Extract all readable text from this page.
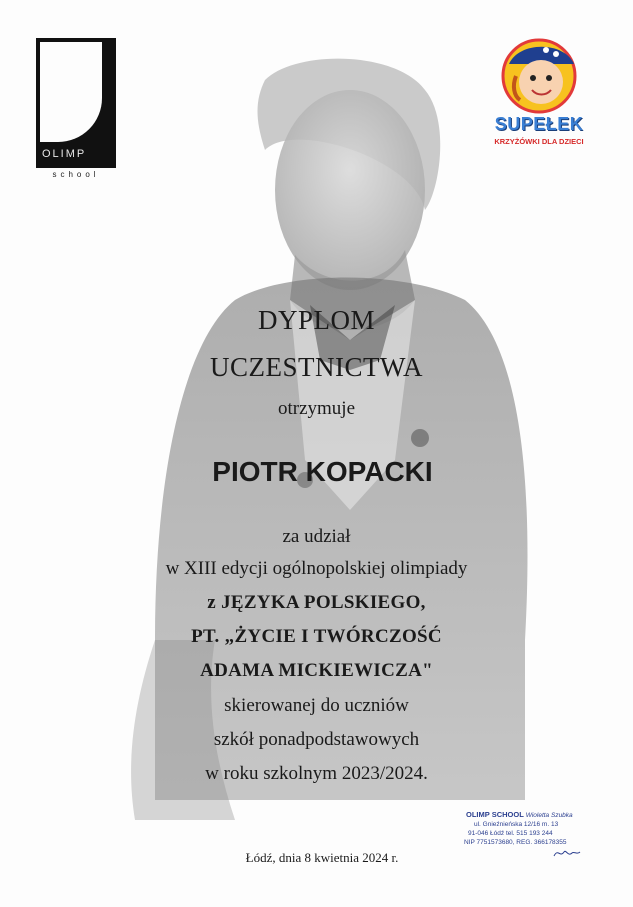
OLIMP
school
SUPEŁEK
KRZYŻÓWKI DLA DZIECI
DYPLOM
UCZESTNICTWA
otrzymuje
PIOTR KOPACKI
za udział
w XIII edycji ogólnopolskiej olimpiady
z JĘZYKA POLSKIEGO,
PT. „ŻYCIE I TWÓRCZOŚĆ
ADAMA MICKIEWICZA"
skierowanej do uczniów
szkół ponadpodstawowych
w roku szkolnym 2023/2024.
OLIMP SCHOOL Wioletta Szubka
ul. Gnieźnieńska 12/16 m. 13
91-046 Łódź tel. 515 193 244
NIP 7751573680, REG. 366178355
Łódź, dnia 8 kwietnia 2024 r.
